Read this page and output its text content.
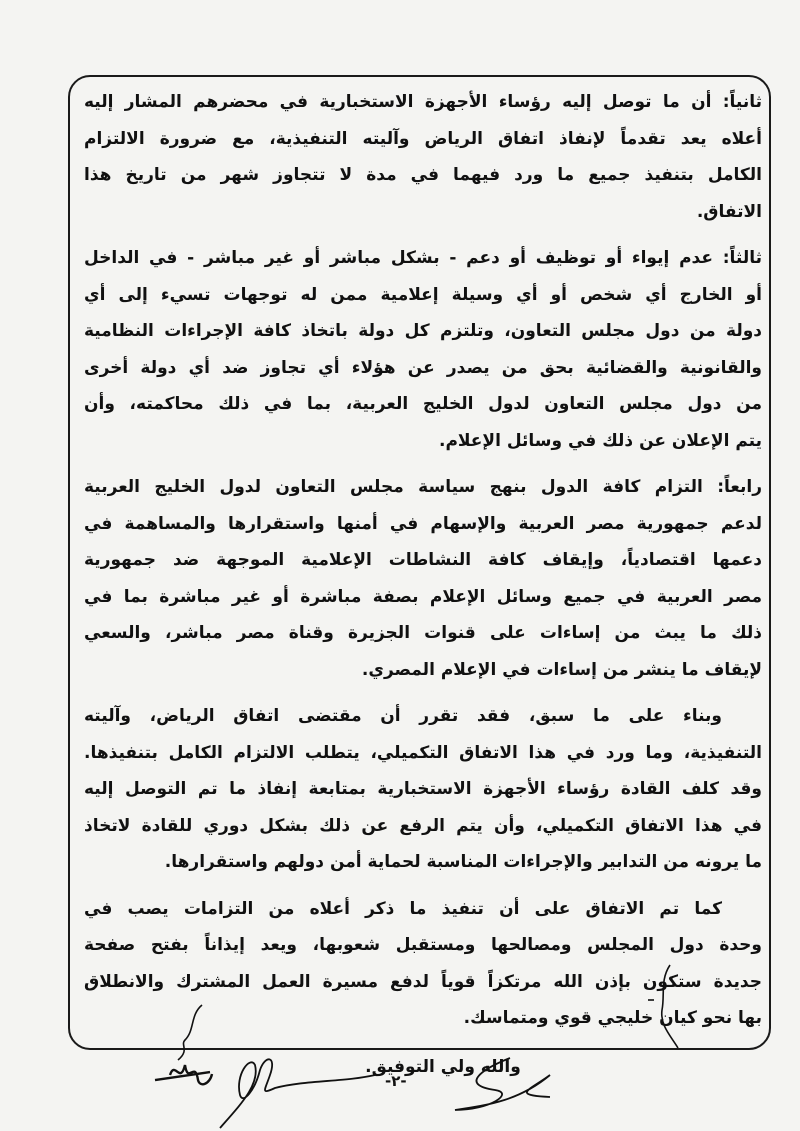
ثانياً: أن ما توصل إليه رؤساء الأجهزة الاستخبارية في محضرهم المشار إليه
أعلاه يعد تقدماً لإنفاذ اتفاق الرياض وآليته التنفيذية، مع ضرورة الالتزام
الكامل بتنفيذ جميع ما ورد فيهما في مدة لا تتجاوز شهر من تاريخ هذا
الاتفاق.
ثالثاً: عدم إيواء أو توظيف أو دعم - بشكل مباشر أو غير مباشر - في الداخل
أو الخارج أي شخص أو أي وسيلة إعلامية ممن له توجهات تسيء إلى أي
دولة من دول مجلس التعاون، وتلتزم كل دولة باتخاذ كافة الإجراءات النظامية
والقانونية والقضائية بحق من يصدر عن هؤلاء أي تجاوز ضد أي دولة أخرى
من دول مجلس التعاون لدول الخليج العربية، بما في ذلك محاكمته، وأن
يتم الإعلان عن ذلك في وسائل الإعلام.
رابعاً: التزام كافة الدول بنهج سياسة مجلس التعاون لدول الخليج العربية
لدعم جمهورية مصر العربية والإسهام في أمنها واستقرارها والمساهمة في
دعمها اقتصادياً، وإيقاف كافة النشاطات الإعلامية الموجهة ضد جمهورية
مصر العربية في جميع وسائل الإعلام بصفة مباشرة أو غير مباشرة بما في
ذلك ما يبث من إساءات على قنوات الجزيرة وقناة مصر مباشر، والسعي
لإيقاف ما ينشر من إساءات في الإعلام المصري.
وبناء على ما سبق، فقد تقرر أن مقتضى اتفاق الرياض، وآليته
التنفيذية، وما ورد في هذا الاتفاق التكميلي، يتطلب الالتزام الكامل بتنفيذها.
وقد كلف القادة رؤساء الأجهزة الاستخبارية بمتابعة إنفاذ ما تم التوصل إليه
في هذا الاتفاق التكميلي، وأن يتم الرفع عن ذلك بشكل دوري للقادة لاتخاذ
ما يرونه من التدابير والإجراءات المناسبة لحماية أمن دولهم واستقرارها.
كما تم الاتفاق على أن تنفيذ ما ذكر أعلاه من التزامات يصب في
وحدة دول المجلس ومصالحها ومستقبل شعوبها، ويعد إيذاناً بفتح صفحة
جديدة ستكون بإذن الله مرتكزاً قوياً لدفع مسيرة العمل المشترك والانطلاق
بها نحو كيان خليجي قوي ومتماسك.
والله ولي التوفيق.
-٢-
